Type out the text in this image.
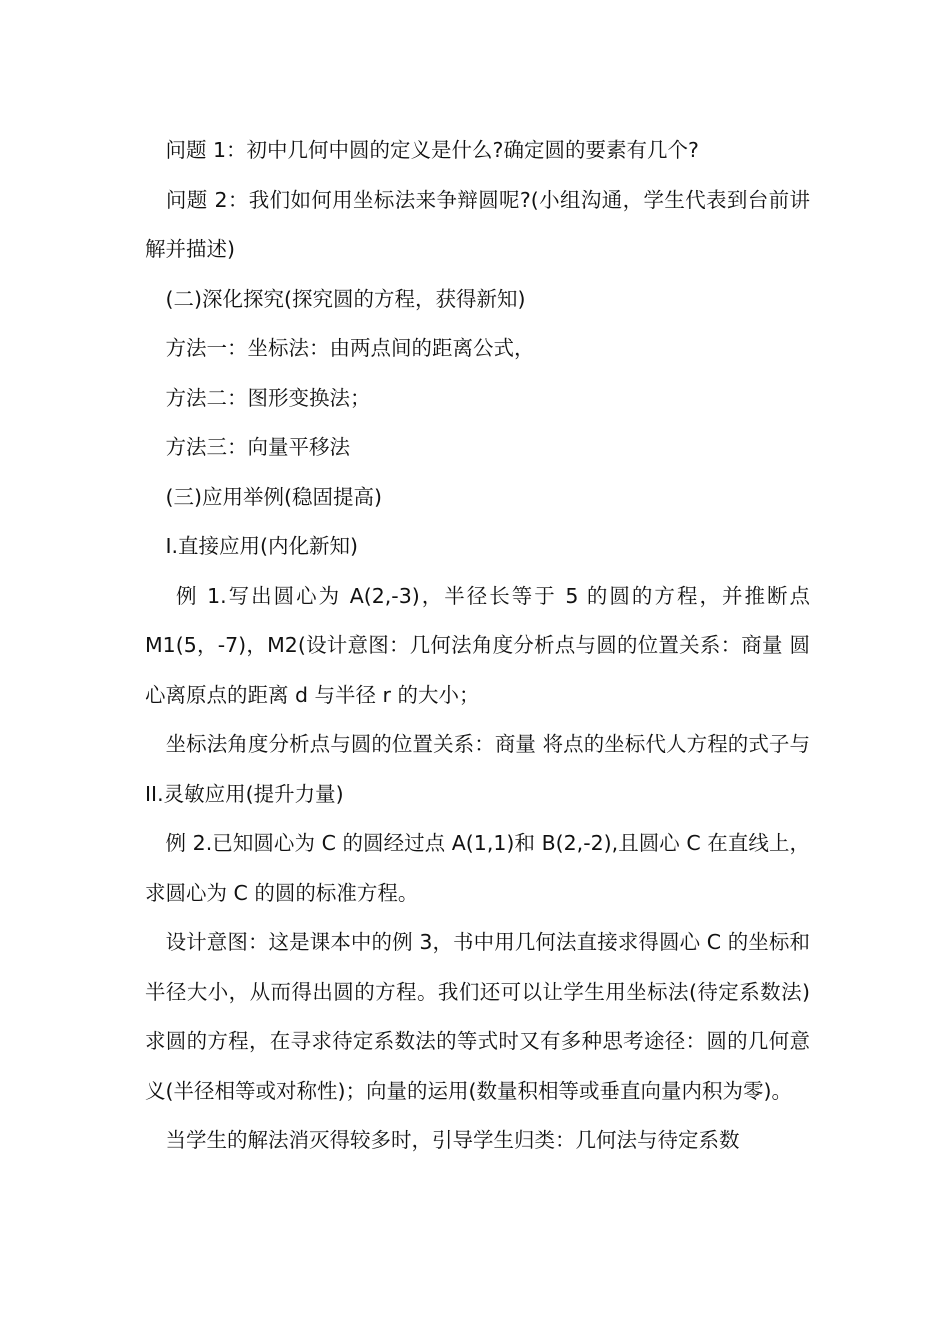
　问题 1：初中几何中圆的定义是什么?确定圆的要素有几个?

　问题 2：我们如何用坐标法来争辩圆呢?(小组沟通，学生代表到台前讲解并描述)

　(二)深化探究(探究圆的方程，获得新知)

　方法一：坐标法：由两点间的距离公式，

　方法二：图形变换法；

　方法三：向量平移法

　(三)应用举例(稳固提高)

　I.直接应用(内化新知)

　 例 1.写出圆心为 A(2,-3)，半径长等于 5 的圆的方程，并推断点 M1(5，-7)，M2(设计意图：几何法角度分析点与圆的位置关系：商量 圆心离原点的距离 d 与半径 r 的大小；

　坐标法角度分析点与圆的位置关系：商量 将点的坐标代人方程的式子与 II.灵敏应用(提升力量)

　例 2.已知圆心为 C 的圆经过点 A(1,1)和 B(2,-2),且圆心 C 在直线上，求圆心为 C 的圆的标准方程。

　设计意图：这是课本中的例 3，书中用几何法直接求得圆心 C 的坐标和半径大小，从而得出圆的方程。我们还可以让学生用坐标法(待定系数法)求圆的方程，在寻求待定系数法的等式时又有多种思考途径：圆的几何意义(半径相等或对称性)；向量的运用(数量积相等或垂直向量内积为零)。

　当学生的解法消灭得较多时，引导学生归类：几何法与待定系数
